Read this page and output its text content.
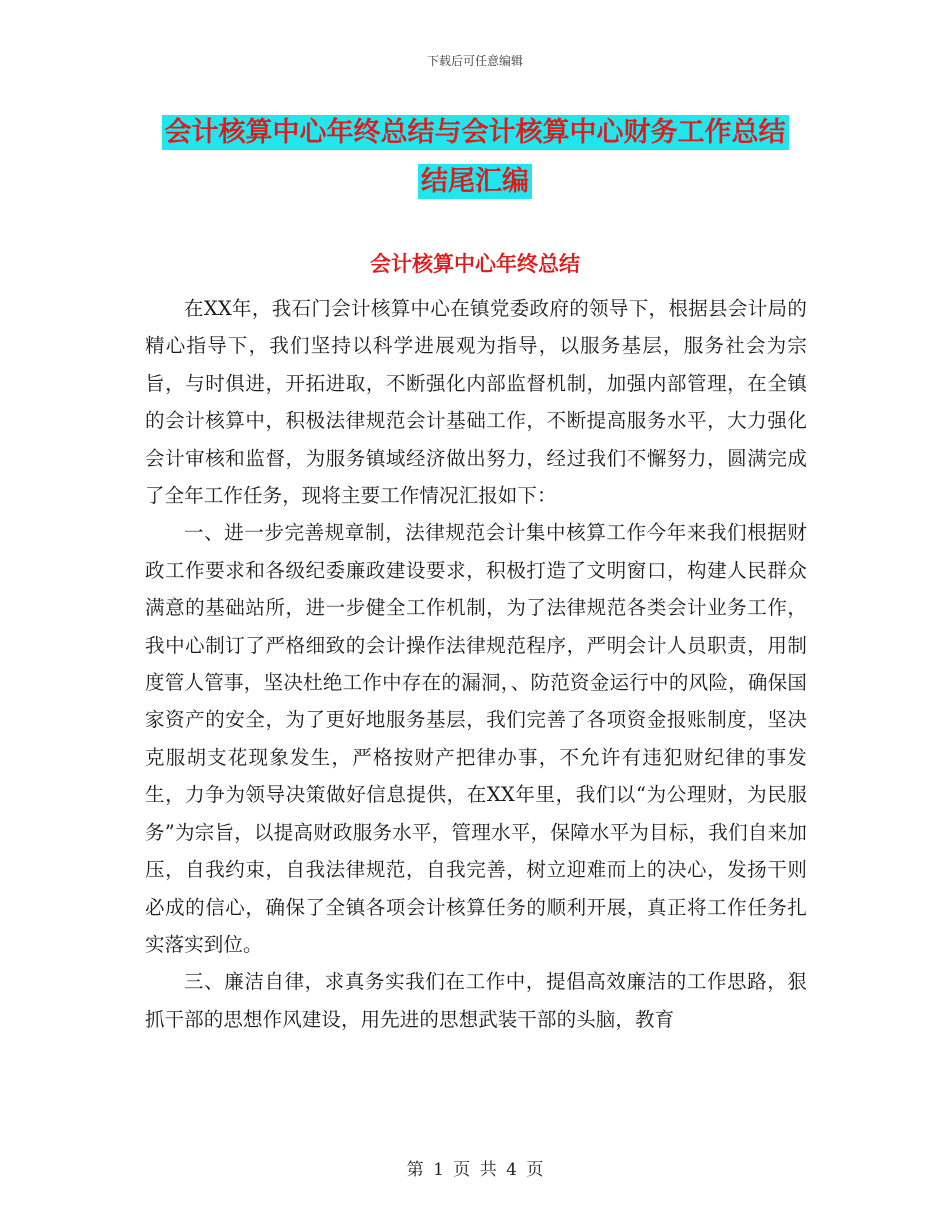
下载后可任意编辑
会计核算中心年终总结与会计核算中心财务工作总结
结尾汇编
会计核算中心年终总结

在XX年，我石门会计核算中心在镇党委政府的领导下，根据县会计局的精心指导下，我们坚持以科学进展观为指导，以服务基层，服务社会为宗旨，与时俱进，开拓进取，不断强化内部监督机制，加强内部管理，在全镇的会计核算中，积极法律规范会计基础工作，不断提高服务水平，大力强化会计审核和监督，为服务镇域经济做出努力，经过我们不懈努力，圆满完成了全年工作任务，现将主要工作情况汇报如下：

一、进一步完善规章制，法律规范会计集中核算工作今年来我们根据财政工作要求和各级纪委廉政建设要求，积极打造了文明窗口，构建人民群众满意的基础站所，进一步健全工作机制，为了法律规范各类会计业务工作，我中心制订了严格细致的会计操作法律规范程序，严明会计人员职责，用制度管人管事，坚决杜绝工作中存在的漏洞，、防范资金运行中的风险，确保国家资产的安全，为了更好地服务基层，我们完善了各项资金报账制度，坚决克服胡支花现象发生，严格按财产把律办事，不允许有违犯财纪律的事发生，力争为领导决策做好信息提供，在XX年里，我们以“为公理财，为民服务”为宗旨，以提高财政服务水平，管理水平，保障水平为目标，我们自来加压，自我约束，自我法律规范，自我完善，树立迎难而上的决心，发扬干则必成的信心，确保了全镇各项会计核算任务的顺利开展，真正将工作任务扎实落实到位。

三、廉洁自律，求真务实我们在工作中，提倡高效廉洁的工作思路，狠抓干部的思想作风建设，用先进的思想武装干部的头脑，教育

第 1 页 共 4 页
